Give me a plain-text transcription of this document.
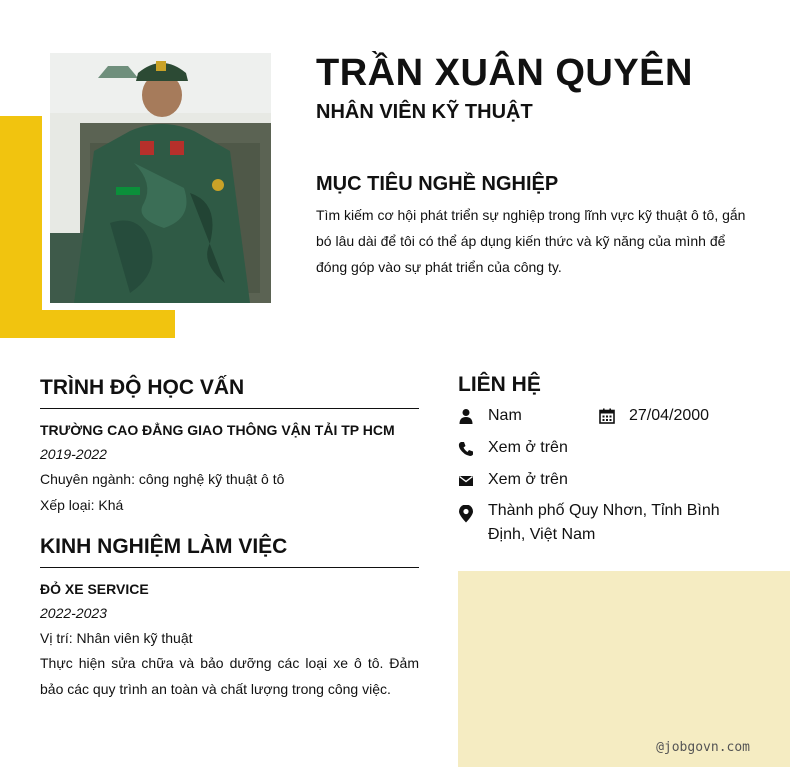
TRẦN XUÂN QUYÊN
NHÂN VIÊN KỸ THUẬT
MỤC TIÊU NGHỀ NGHIỆP

Tìm kiếm cơ hội phát triển sự nghiệp trong lĩnh vực kỹ thuật ô tô, gắn bó lâu dài để tôi có thể áp dụng kiến thức và kỹ năng của mình để đóng góp vào sự phát triển của công ty.

TRÌNH ĐỘ HỌC VẤN

TRƯỜNG CAO ĐẲNG GIAO THÔNG VẬN TẢI TP HCM

2019-2022

Chuyên ngành: công nghệ kỹ thuật ô tô

Xếp loại: Khá

KINH NGHIỆM LÀM VIỆC

ĐỎ XE SERVICE

2022-2023

Vị trí: Nhân viên kỹ thuật

Thực hiện sửa chữa và bảo dưỡng các loại xe ô tô. Đảm bảo các quy trình an toàn và chất lượng trong công việc.

LIÊN HỆ
Nam	27/04/2000
Xem ở trên
Xem ở trên
Thành phố Quy Nhơn, Tỉnh Bình Định, Việt Nam
@jobgovn.com
